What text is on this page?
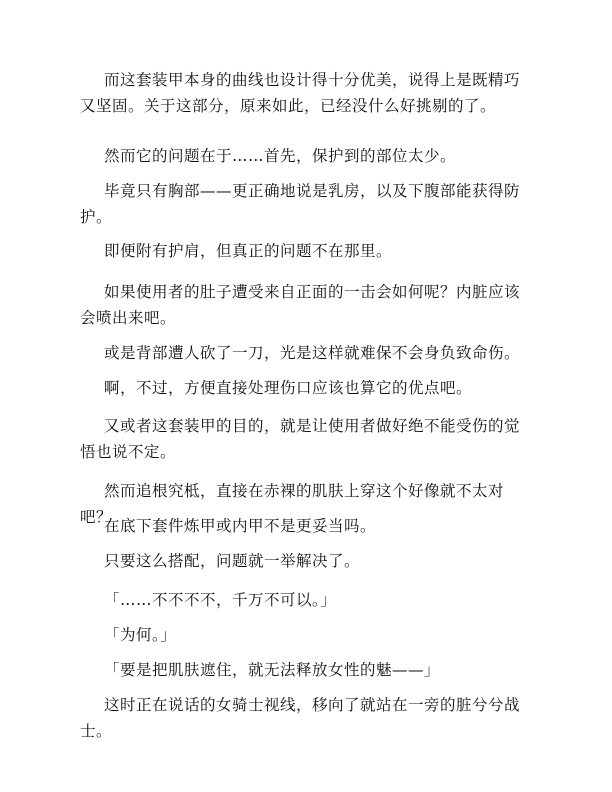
而这套装甲本身的曲线也设计得十分优美，说得上是既精巧又坚固。关于这部分，原来如此，已经没什么好挑剔的了。

然而它的问题在于……首先，保护到的部位太少。

毕竟只有胸部——更正确地说是乳房，以及下腹部能获得防护。

即便附有护肩，但真正的问题不在那里。

如果使用者的肚子遭受来自正面的一击会如何呢？内脏应该会喷出来吧。

或是背部遭人砍了一刀，光是这样就难保不会身负致命伤。

啊，不过，方便直接处理伤口应该也算它的优点吧。

又或者这套装甲的目的，就是让使用者做好绝不能受伤的觉悟也说不定。

然而追根究柢，直接在赤裸的肌肤上穿这个好像就不太对吧？

在底下套件炼甲或内甲不是更妥当吗。

只要这么搭配，问题就一举解决了。

「……不不不不，千万不可以。」

「为何。」

「要是把肌肤遮住，就无法释放女性的魅——」

这时正在说话的女骑士视线，移向了就站在一旁的脏兮兮战士。
